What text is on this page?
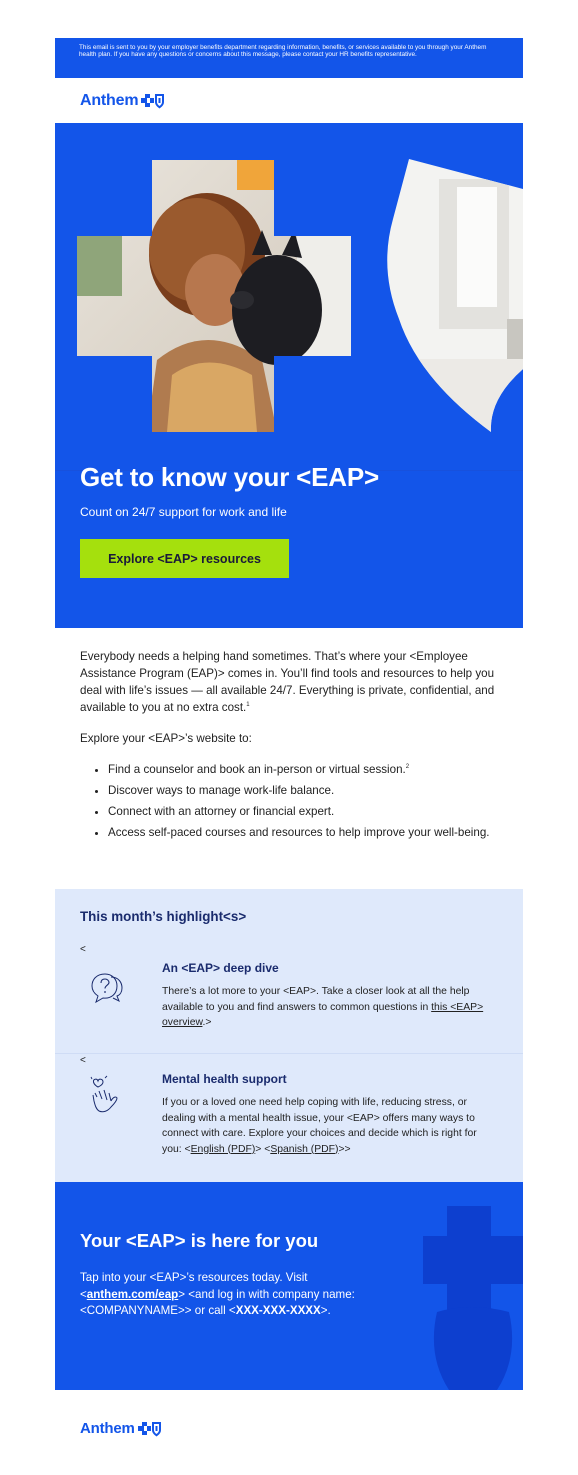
This email is sent to you by your employer benefits department regarding information, benefits, or services available to you through your Anthem health plan. If you have any questions or concerns about this message, please contact your HR benefits representative.
Anthem
Get to know your <EAP>
Count on 24/7 support for work and life
Explore <EAP> resources

Everybody needs a helping hand sometimes. That’s where your <Employee Assistance Program (EAP)> comes in. You’ll find tools and resources to help you deal with life’s issues — all available 24/7. Everything is private, confidential, and available to you at no extra cost.$^1$

Explore your <EAP>’s website to:

• Find a counselor and book an in-person or virtual session.$^2$
• Discover ways to manage work-life balance.
• Connect with an attorney or financial expert.
• Access self-paced courses and resources to help improve your well-being.
This month’s highlight<s>
<
An <EAP> deep dive
There’s a lot more to your <EAP>. Take a closer look at all the help available to you and find answers to common questions in this <EAP> overview.>
<
Mental health support
If you or a loved one need help coping with life, reducing stress, or dealing with a mental health issue, your <EAP> offers many ways to connect with care. Explore your choices and decide which is right for you: <English (PDF)> <Spanish (PDF)>>
Your <EAP> is here for you
Tap into your <EAP>’s resources today. Visit <anthem.com/eap> <and log in with company name: <COMPANYNAME>> or call <XXX-XXX-XXXX>.
Anthem
